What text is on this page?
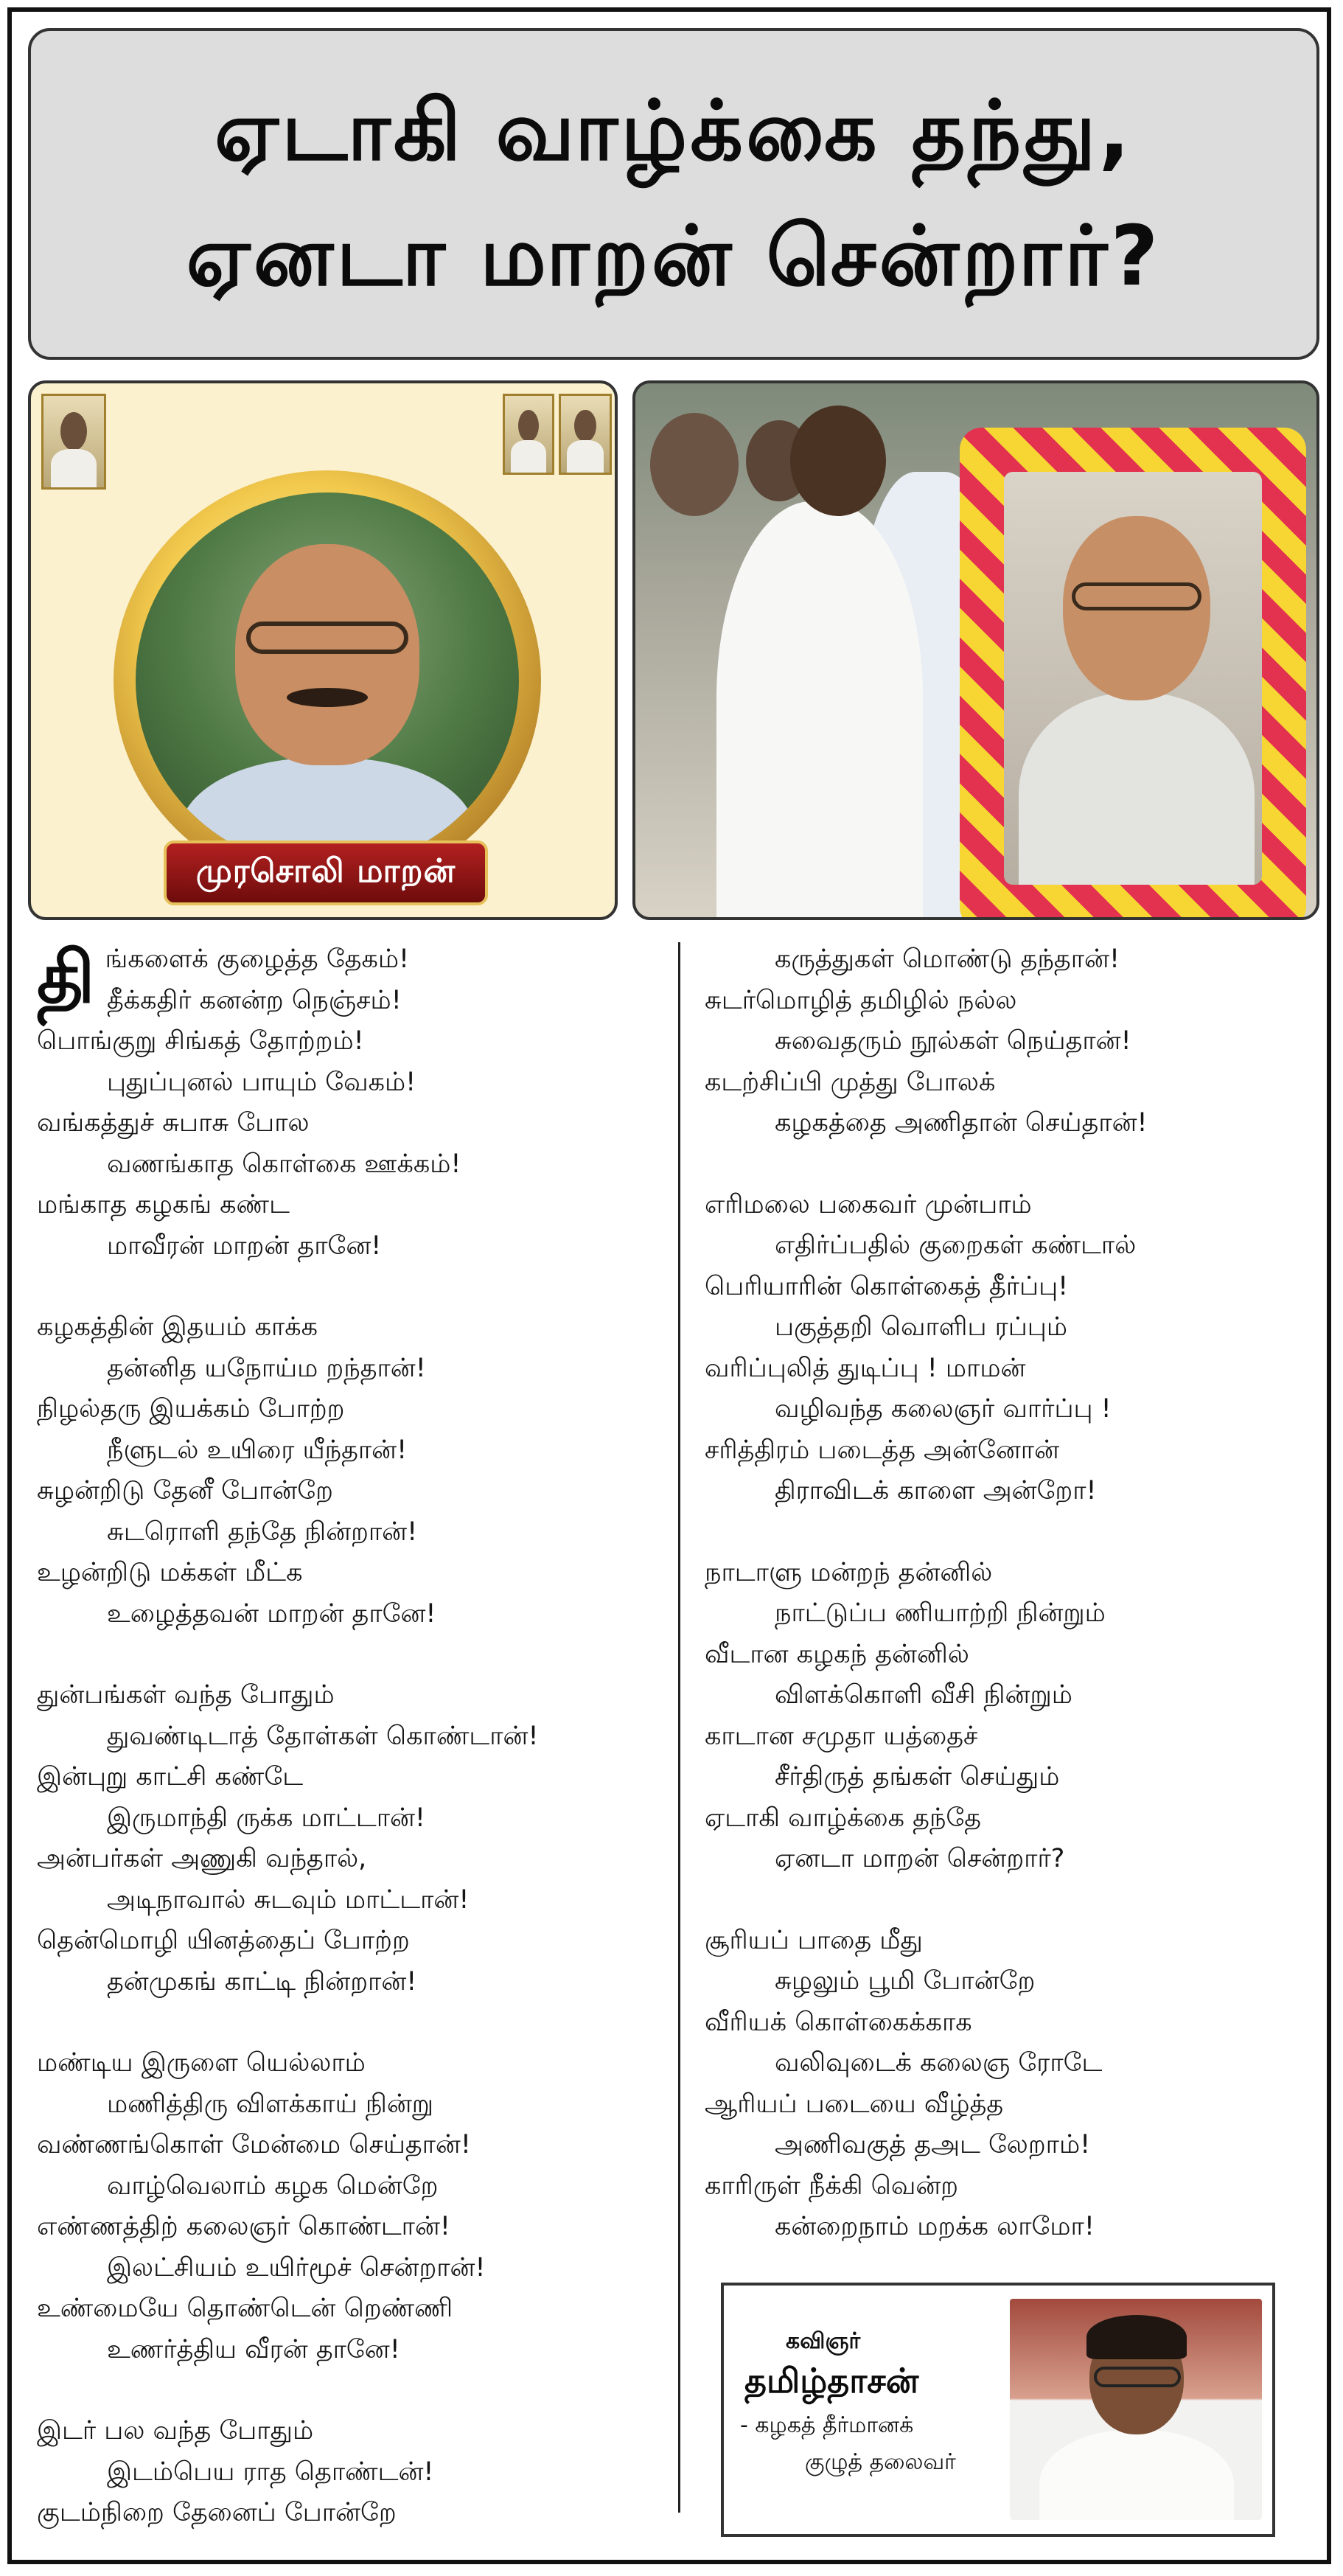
ஏடாகி வாழ்க்கை தந்து,
ஏனடா மாறன் சென்றார்?
முரசொலி மாறன்
தி ங்களைக் குழைத்த தேகம்!
தீக்கதிர் கனன்ற நெஞ்சம்!
பொங்குறு சிங்கத் தோற்றம்!
புதுப்புனல் பாயும் வேகம்!
வங்கத்துச் சுபாசு போல
வணங்காத கொள்கை ஊக்கம்!
மங்காத கழகங் கண்ட
மாவீரன் மாறன் தானே!
கழகத்தின் இதயம் காக்க
தன்னித யநோய்ம றந்தான்!
நிழல்தரு இயக்கம் போற்ற
நீளுடல் உயிரை யீந்தான்!
சுழன்றிடு தேனீ போன்றே
சுடரொளி தந்தே நின்றான்!
உழன்றிடு மக்கள் மீட்க
உழைத்தவன் மாறன் தானே!
துன்பங்கள் வந்த போதும்
துவண்டிடாத் தோள்கள் கொண்டான்!
இன்புறு காட்சி கண்டே
இருமாந்தி ருக்க மாட்டான்!
அன்பர்கள் அணுகி வந்தால்,
அடிநாவால் சுடவும் மாட்டான்!
தென்மொழி யினத்தைப் போற்ற
தன்முகங் காட்டி நின்றான்!
மண்டிய இருளை யெல்லாம்
மணித்திரு விளக்காய் நின்று
வண்ணங்கொள் மேன்மை செய்தான்!
வாழ்வெலாம் கழக மென்றே
எண்ணத்திற் கலைஞர் கொண்டான்!
இலட்சியம் உயிர்மூச் சென்றான்!
உண்மையே தொண்டென் றெண்ணி
உணர்த்திய வீரன் தானே!
இடர் பல வந்த போதும்
இடம்பெய ராத தொண்டன்!
குடம்நிறை தேனைப் போன்றே
கருத்துகள் மொண்டு தந்தான்!
சுடர்மொழித் தமிழில் நல்ல
சுவைதரும் நூல்கள் நெய்தான்!
கடற்சிப்பி முத்து போலக்
கழகத்தை அணிதான் செய்தான்!
எரிமலை பகைவர் முன்பாம்
எதிர்ப்பதில் குறைகள் கண்டால்
பெரியாரின் கொள்கைத் தீர்ப்பு!
பகுத்தறி வொளிப ரப்பும்
வரிப்புலித் துடிப்பு ! மாமன்
வழிவந்த கலைஞர் வார்ப்பு !
சரித்திரம் படைத்த அன்னோன்
திராவிடக் காளை அன்றோ!
நாடாளு மன்றந் தன்னில்
நாட்டுப்ப ணியாற்றி நின்றும்
வீடான கழகந் தன்னில்
விளக்கொளி வீசி நின்றும்
காடான சமுதா யத்தைச்
சீர்திருத் தங்கள் செய்தும்
ஏடாகி வாழ்க்கை தந்தே
ஏனடா மாறன் சென்றார்?
சூரியப் பாதை மீது
சுழலும் பூமி போன்றே
வீரியக் கொள்கைக்காக
வலிவுடைக் கலைஞ ரோடே
ஆரியப் படையை வீழ்த்த
அணிவகுத் தஅட லேறாம்!
காரிருள் நீக்கி வென்ற
கன்றைநாம் மறக்க லாமோ!
கவிஞர்
தமிழ்தாசன்
- கழகத் தீர்மானக்
குழுத் தலைவர்
